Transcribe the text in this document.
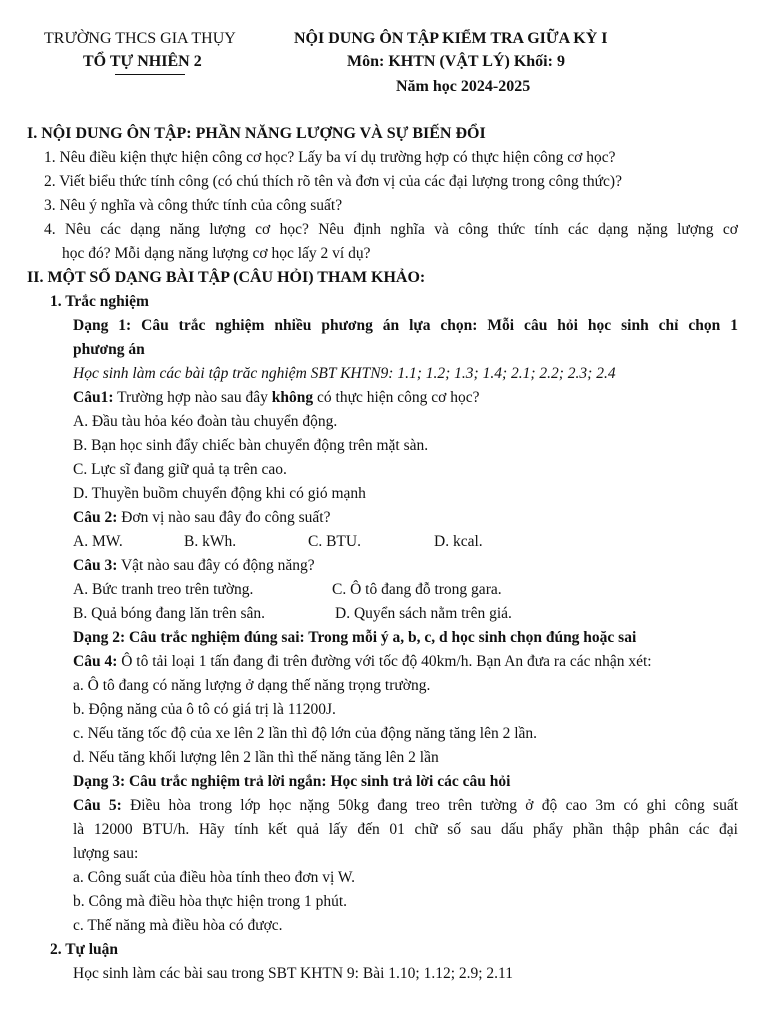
TRƯỜNG THCS GIA THỤY	NỘI DUNG ÔN TẬP KIỂM TRA GIỮA KỲ I
TỔ TỰ NHIÊN 2	Môn: KHTN (VẬT LÝ) Khối: 9
Năm học 2024-2025
I. NỘI DUNG ÔN TẬP: PHẦN NĂNG LƯỢNG VÀ SỰ BIẾN ĐỔI
1. Nêu điều kiện thực hiện công cơ học? Lấy ba ví dụ trường hợp có thực hiện công cơ học?
2. Viết biểu thức tính công (có chú thích rõ tên và đơn vị của các đại lượng trong công thức)?
3. Nêu ý nghĩa và công thức tính của công suất?
4. Nêu các dạng năng lượng cơ học? Nêu định nghĩa và công thức tính các dạng nặng lượng cơ
học đó? Mỗi dạng năng lượng cơ học lấy 2 ví dụ?
II. MỘT SỐ DẠNG BÀI TẬP (CÂU HỎI) THAM KHẢO:
1. Trắc nghiệm
Dạng 1: Câu trắc nghiệm nhiều phương án lựa chọn: Mỗi câu hỏi học sinh chỉ chọn 1
phương án
Học sinh làm các bài tập trăc nghiệm SBT KHTN9: 1.1; 1.2; 1.3; 1.4; 2.1; 2.2; 2.3; 2.4
Câu1: Trường hợp nào sau đây không có thực hiện công cơ học?
A. Đầu tàu hỏa kéo đoàn tàu chuyển động.
B. Bạn học sinh đẩy chiếc bàn chuyển động trên mặt sàn.
C. Lực sĩ đang giữ quả tạ trên cao.
D. Thuyền buồm chuyển động khi có gió mạnh
Câu 2: Đơn vị nào sau đây đo công suất?
A. MW.	B. kWh.	C. BTU.	D. kcal.
Câu 3: Vật nào sau đây có động năng?
A. Bức tranh treo trên tường.	C. Ô tô đang đỗ trong gara.
B. Quả bóng đang lăn trên sân.	D. Quyển sách nằm trên giá.
Dạng 2: Câu trắc nghiệm đúng sai: Trong mỗi ý a, b, c, d học sinh chọn đúng hoặc sai
Câu 4: Ô tô tải loại 1 tấn đang đi trên đường với tốc độ 40km/h. Bạn An đưa ra các nhận xét:
a. Ô tô đang có năng lượng ở dạng thế năng trọng trường.
b. Động năng của ô tô có giá trị là 11200J.
c. Nếu tăng tốc độ của xe lên 2 lần thì độ lớn của động năng tăng lên 2 lần.
d. Nếu tăng khối lượng lên 2 lần thì thế năng tăng lên 2 lần
Dạng 3: Câu trắc nghiệm trả lời ngắn: Học sinh trả lời các câu hỏi
Câu 5: Điều hòa trong lớp học nặng 50kg đang treo trên tường ở độ cao 3m có ghi công suất
là 12000 BTU/h. Hãy tính kết quả lấy đến 01 chữ số sau dấu phẩy phần thập phân các đại
lượng sau:
a. Công suất của điều hòa tính theo đơn vị W.
b. Công mà điều hòa thực hiện trong 1 phút.
c. Thế năng mà điều hòa có được.
2. Tự luận
Học sinh làm các bài sau trong SBT KHTN 9: Bài 1.10; 1.12; 2.9; 2.11
